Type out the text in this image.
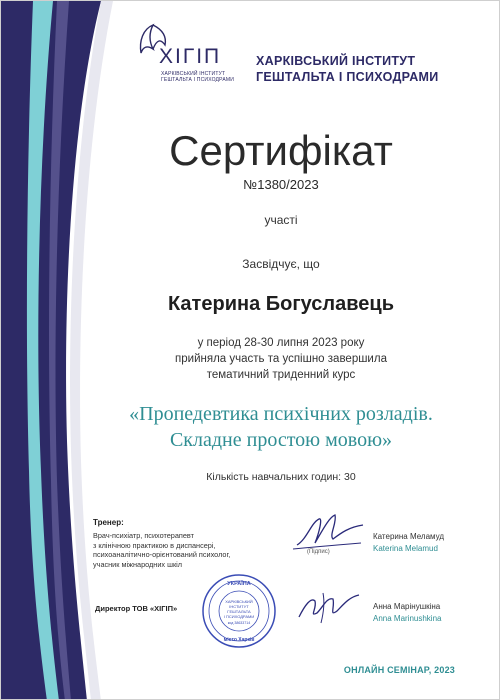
ХІГІП
ХАРКІВСЬКИЙ ІНСТИТУТ
ГЕШТАЛЬТА І ПСИХОДРАМИ
ХАРКІВСЬКИЙ ІНСТИТУТ
ГЕШТАЛЬТА І ПСИХОДРАМИ
Сертифікат
№1380/2023
участі
Засвідчує, що
Катерина Богуславець
у період 28-30 липня 2023 року
прийняла участь та успішно завершила
тематичний триденний курс
«Пропедевтика психічних розладів.
Складне простою мовою»
Кількість навчальних годин: 30
Тренер:
Врач-психіатр, психотерапевт
з клінічною практикою в диспансері,
психоаналітично-орієнтований психолог,
учасник міжнародних шкіл
(Підпис)
Катерина Меламуд
Katerina Melamud
Директор ТОВ «ХІГІП»
УКРАЇНА
ХАРКІВСЬКИЙ
ІНСТИТУТ
ГЕШТАЛЬТА
І ПСИХОДРАМИ
код 38633714
місто Харків
Анна Марінушкіна
Anna Marinushkina
ОНЛАЙН СЕМІНАР, 2023
